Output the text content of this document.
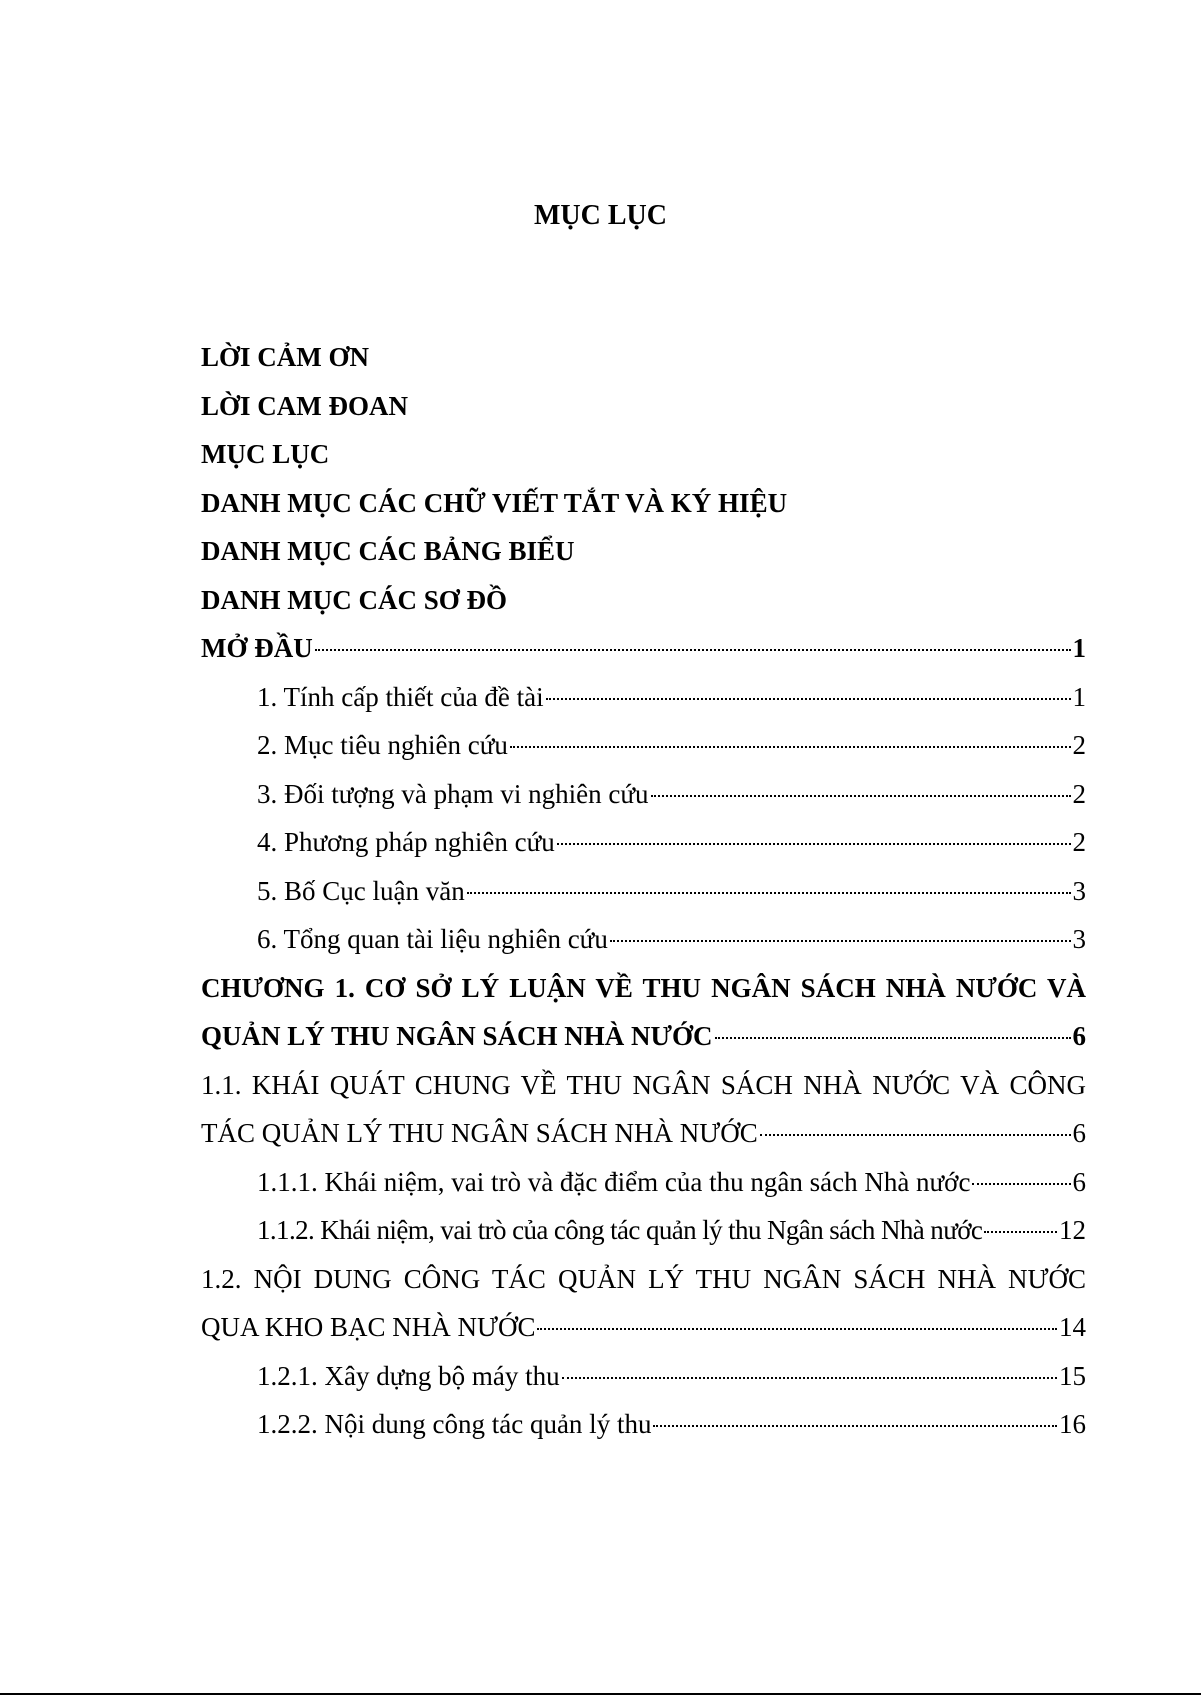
MỤC LỤC
LỜI CẢM ƠN
LỜI CAM ĐOAN
MỤC LỤC
DANH MỤC CÁC CHỮ VIẾT TẮT VÀ KÝ HIỆU
DANH MỤC CÁC BẢNG BIỂU
DANH MỤC CÁC SƠ ĐỒ
MỞ ĐẦU	1
1. Tính cấp thiết của đề tài	1
2. Mục tiêu nghiên cứu	2
3. Đối tượng và phạm vi nghiên cứu	2
4. Phương pháp nghiên cứu	2
5. Bố Cục luận văn	3
6. Tổng quan tài liệu nghiên cứu	3
CHƯƠNG 1. CƠ SỞ LÝ LUẬN VỀ THU NGÂN SÁCH NHÀ NƯỚC VÀ
QUẢN LÝ THU NGÂN SÁCH NHÀ NƯỚC	6
1.1. KHÁI QUÁT CHUNG VỀ THU NGÂN SÁCH NHÀ NƯỚC VÀ CÔNG
TÁC QUẢN LÝ THU NGÂN SÁCH NHÀ NƯỚC	6
1.1.1. Khái niệm, vai trò và đặc điểm của thu ngân sách Nhà nước	6
1.1.2. Khái niệm, vai trò của công tác quản lý thu Ngân sách Nhà nước	12
1.2. NỘI DUNG CÔNG TÁC QUẢN LÝ THU NGÂN SÁCH NHÀ NƯỚC
QUA KHO BẠC NHÀ NƯỚC	14
1.2.1. Xây dựng bộ máy thu	15
1.2.2. Nội dung công tác quản lý thu	16
